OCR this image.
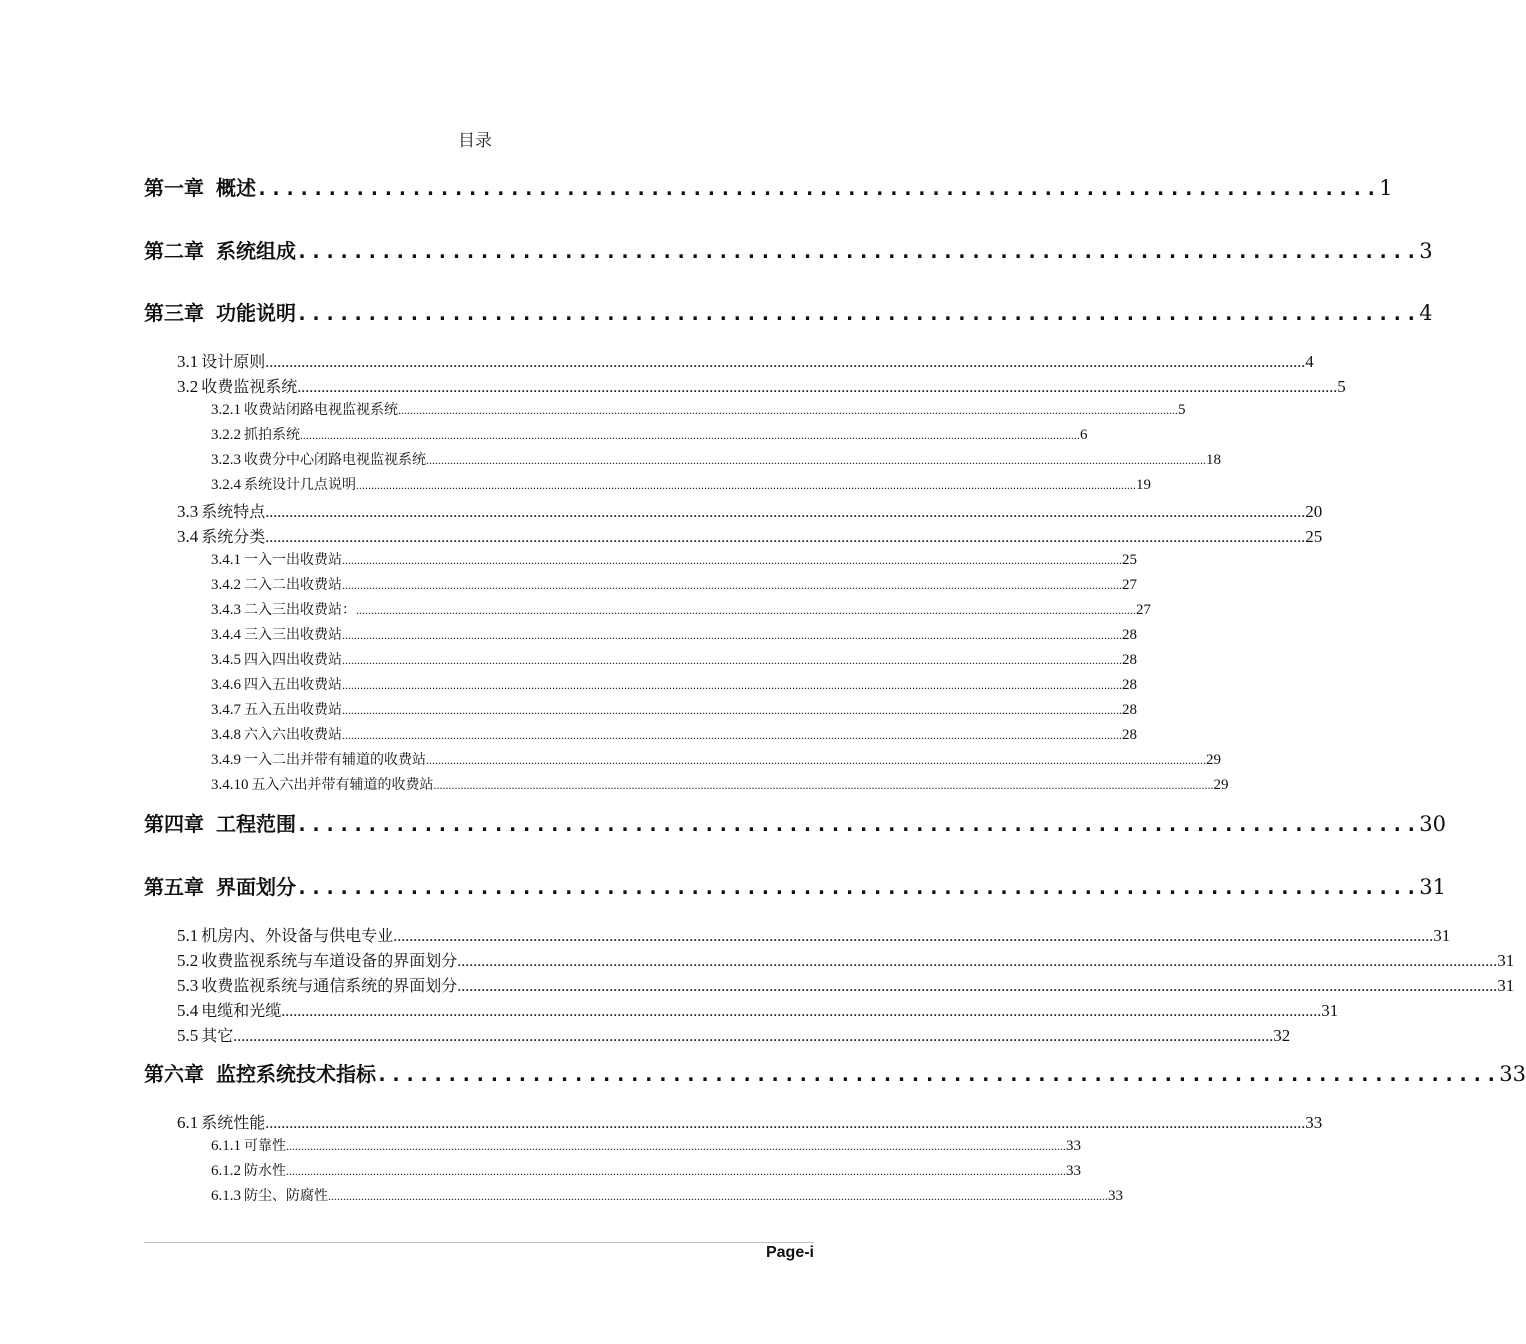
目录
第一章 概述 ................................................................................ 1
第二章 系统组成 ................................................................................ 3
第三章 功能说明 ................................................................................ 4
3.1 设计原则 .................................................................................................................................................................................................................................................................... 4
3.2 收费监视系统 .................................................................................................................................................................................................................................................................... 5
3.2.1 收费站闭路电视监视系统 .................................................................................................................................................................................................................................................................... 5
3.2.2 抓拍系统 .................................................................................................................................................................................................................................................................... 6
3.2.3 收费分中心闭路电视监视系统 .................................................................................................................................................................................................................................................................... 18
3.2.4 系统设计几点说明 .................................................................................................................................................................................................................................................................... 19
3.3 系统特点 .................................................................................................................................................................................................................................................................... 20
3.4 系统分类 .................................................................................................................................................................................................................................................................... 25
3.4.1 一入一出收费站 .................................................................................................................................................................................................................................................................... 25
3.4.2 二入二出收费站 .................................................................................................................................................................................................................................................................... 27
3.4.3 二入三出收费站： .................................................................................................................................................................................................................................................................... 27
3.4.4 三入三出收费站 .................................................................................................................................................................................................................................................................... 28
3.4.5 四入四出收费站 .................................................................................................................................................................................................................................................................... 28
3.4.6 四入五出收费站 .................................................................................................................................................................................................................................................................... 28
3.4.7 五入五出收费站 .................................................................................................................................................................................................................................................................... 28
3.4.8 六入六出收费站 .................................................................................................................................................................................................................................................................... 28
3.4.9 一入二出并带有辅道的收费站 .................................................................................................................................................................................................................................................................... 29
3.4.10 五入六出并带有辅道的收费站 .................................................................................................................................................................................................................................................................... 29
第四章 工程范围 ................................................................................ 30
第五章 界面划分 ................................................................................ 31
5.1 机房内、外设备与供电专业 .................................................................................................................................................................................................................................................................... 31
5.2 收费监视系统与车道设备的界面划分 .................................................................................................................................................................................................................................................................... 31
5.3 收费监视系统与通信系统的界面划分 .................................................................................................................................................................................................................................................................... 31
5.4 电缆和光缆 .................................................................................................................................................................................................................................................................... 31
5.5 其它 .................................................................................................................................................................................................................................................................... 32
第六章 监控系统技术指标 ................................................................................ 33
6.1 系统性能 .................................................................................................................................................................................................................................................................... 33
6.1.1 可靠性 .................................................................................................................................................................................................................................................................... 33
6.1.2 防水性 .................................................................................................................................................................................................................................................................... 33
6.1.3 防尘、防腐性 .................................................................................................................................................................................................................................................................... 33
Page-i
